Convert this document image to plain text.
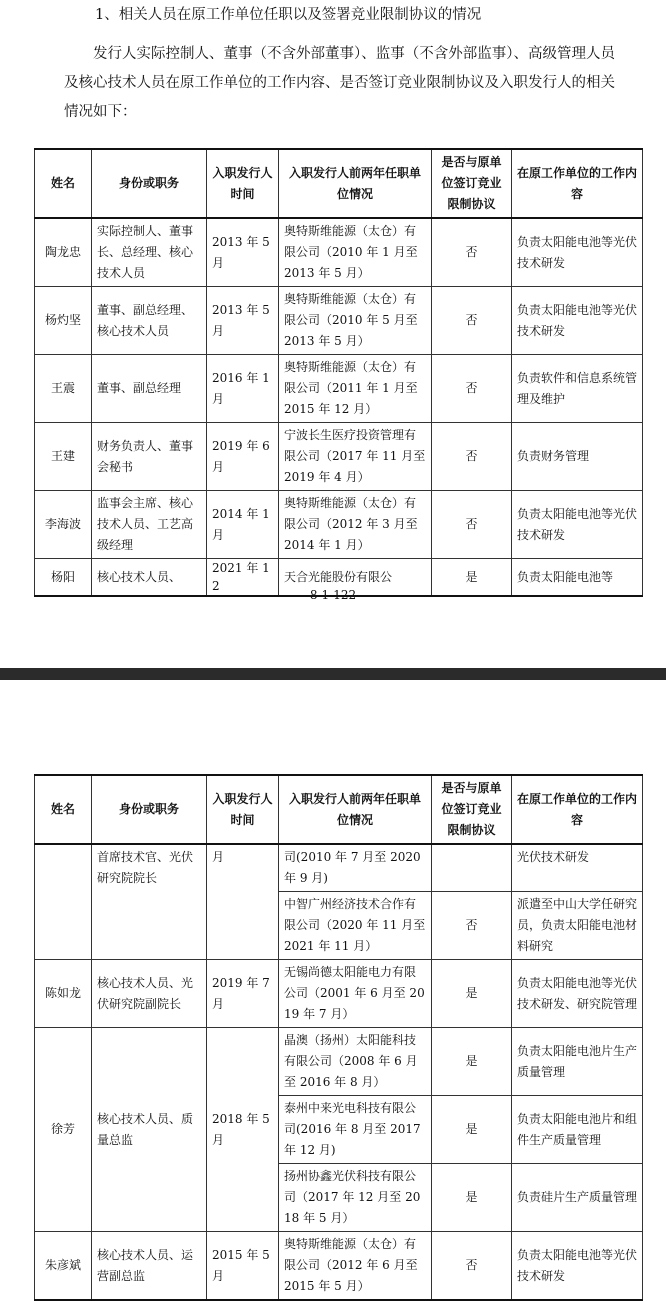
1、相关人员在原工作单位任职以及签署竞业限制协议的情况
发行人实际控制人、董事（不含外部董事）、监事（不含外部监事）、高级管理人员及核心技术人员在原工作单位的工作内容、是否签订竞业限制协议及入职发行人的相关情况如下：
姓名	身份或职务	入职发行人时间	入职发行人前两年任职单位情况	是否与原单位签订竞业限制协议	在原工作单位的工作内容
陶龙忠	实际控制人、董事长、总经理、核心技术人员	2013 年 5 月	奥特斯维能源（太仓）有限公司（2010 年 1 月至 2013 年 5 月）	否	负责太阳能电池等光伏技术研发
杨灼坚	董事、副总经理、核心技术人员	2013 年 5 月	奥特斯维能源（太仓）有限公司（2010 年 5 月至 2013 年 5 月）	否	负责太阳能电池等光伏技术研发
王震	董事、副总经理	2016 年 1 月	奥特斯维能源（太仓）有限公司（2011 年 1 月至 2015 年 12 月）	否	负责软件和信息系统管理及维护
王建	财务负责人、董事会秘书	2019 年 6 月	宁波长生医疗投资管理有限公司（2017 年 11 月至 2019 年 4 月）	否	负责财务管理
李海波	监事会主席、核心技术人员、工艺高级经理	2014 年 1 月	奥特斯维能源（太仓）有限公司（2012 年 3 月至 2014 年 1 月）	否	负责太阳能电池等光伏技术研发
杨阳	核心技术人员、	2021 年 12	天合光能股份有限公	是	负责太阳能电池等
8-1-122
姓名	身份或职务	入职发行人时间	入职发行人前两年任职单位情况	是否与原单位签订竞业限制协议	在原工作单位的工作内容
	首席技术官、光伏研究院院长	月	司(2010 年 7 月至 2020 年 9 月)		光伏技术研发
			中智广州经济技术合作有限公司（2020 年 11 月至 2021 年 11 月）	否	派遣至中山大学任研究员，负责太阳能电池材料研究
陈如龙	核心技术人员、光伏研究院副院长	2019 年 7 月	无锡尚德太阳能电力有限公司（2001 年 6 月至 2019 年 7 月）	是	负责太阳能电池等光伏技术研发、研究院管理
徐芳	核心技术人员、质量总监	2018 年 5 月	晶澳（扬州）太阳能科技有限公司（2008 年 6 月至 2016 年 8 月）	是	负责太阳能电池片生产质量管理
			泰州中来光电科技有限公司(2016 年 8 月至 2017 年 12 月)	是	负责太阳能电池片和组件生产质量管理
			扬州协鑫光伏科技有限公司（2017 年 12 月至 2018 年 5 月）	是	负责硅片生产质量管理
朱彦斌	核心技术人员、运营副总监	2015 年 5 月	奥特斯维能源（太仓）有限公司（2012 年 6 月至 2015 年 5 月）	否	负责太阳能电池等光伏技术研发
